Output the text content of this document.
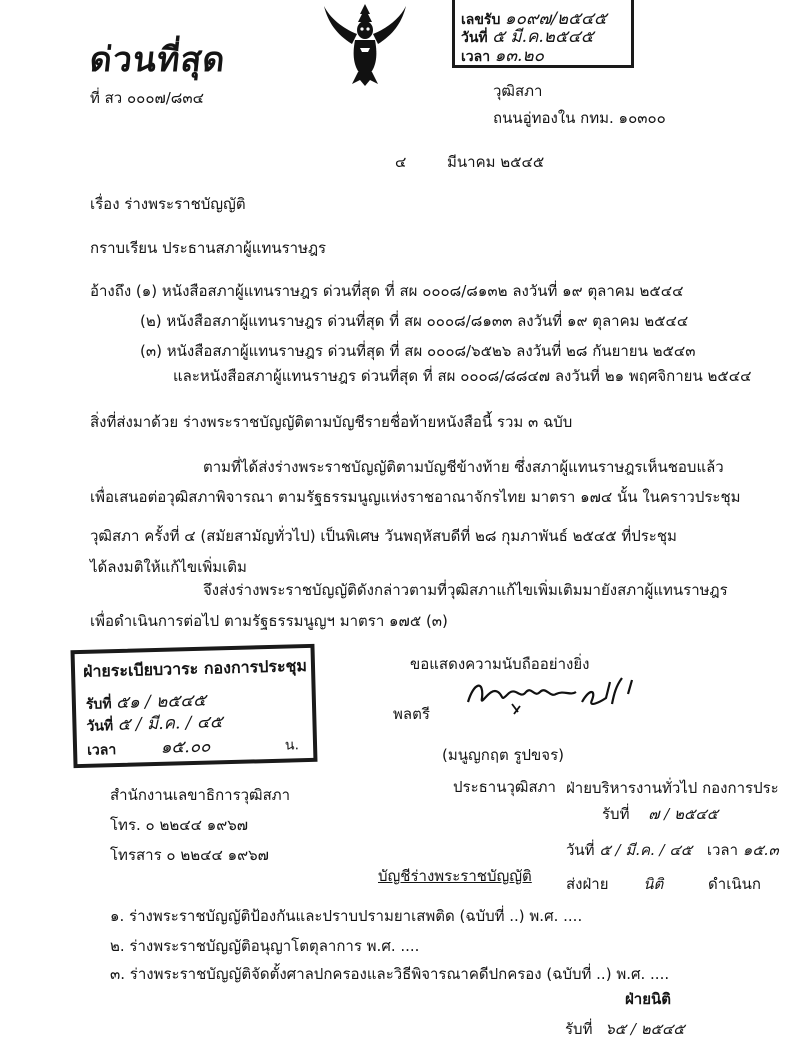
เลขรับ ๑๐๙๗/๒๕๔๕
วันที่ ๕ มี.ค.๒๕๔๕
เวลา ๑๓.๒๐
ด่วนที่สุด
ที่ สว ๐๐๐๗/๘๓๔	วุฒิสภา
ถนนอู่ทองใน กทม. ๑๐๓๐๐
๔	มีนาคม ๒๕๔๕
เรื่อง ร่างพระราชบัญญัติ
กราบเรียน ประธานสภาผู้แทนราษฎร
อ้างถึง (๑) หนังสือสภาผู้แทนราษฎร ด่วนที่สุด ที่ สผ ๐๐๐๘/๘๑๓๒ ลงวันที่ ๑๙ ตุลาคม ๒๕๔๔
(๒) หนังสือสภาผู้แทนราษฎร ด่วนที่สุด ที่ สผ ๐๐๐๘/๘๑๓๓ ลงวันที่ ๑๙ ตุลาคม ๒๕๔๔
(๓) หนังสือสภาผู้แทนราษฎร ด่วนที่สุด ที่ สผ ๐๐๐๘/๖๕๒๖ ลงวันที่ ๒๘ กันยายน ๒๕๔๓
และหนังสือสภาผู้แทนราษฎร ด่วนที่สุด ที่ สผ ๐๐๐๘/๘๘๔๗ ลงวันที่ ๒๑ พฤศจิกายน ๒๕๔๔
สิ่งที่ส่งมาด้วย ร่างพระราชบัญญัติตามบัญชีรายชื่อท้ายหนังสือนี้ รวม ๓ ฉบับ
ตามที่ได้ส่งร่างพระราชบัญญัติตามบัญชีข้างท้าย ซึ่งสภาผู้แทนราษฎรเห็นชอบแล้ว
เพื่อเสนอต่อวุฒิสภาพิจารณา ตามรัฐธรรมนูญแห่งราชอาณาจักรไทย มาตรา ๑๗๔ นั้น ในคราวประชุม
วุฒิสภา ครั้งที่ ๔ (สมัยสามัญทั่วไป) เป็นพิเศษ วันพฤหัสบดีที่ ๒๘ กุมภาพันธ์ ๒๕๔๕ ที่ประชุม
ได้ลงมติให้แก้ไขเพิ่มเติม
จึงส่งร่างพระราชบัญญัติดังกล่าวตามที่วุฒิสภาแก้ไขเพิ่มเติมมายังสภาผู้แทนราษฎร
เพื่อดำเนินการต่อไป ตามรัฐธรรมนูญฯ มาตรา ๑๗๕ (๓)
ฝ่ายระเบียบวาระ กองการประชุม
รับที่ ๕๑ / ๒๕๔๕
วันที่ ๕ / มี.ค. / ๔๕
เวลา	๑๕.๐๐	น.
ขอแสดงความนับถืออย่างยิ่ง
พลตรี
(มนูญกฤต รูปขจร)
ประธานวุฒิสภา
สำนักงานเลขาธิการวุฒิสภา
โทร. ๐ ๒๒๔๔ ๑๙๖๗
โทรสาร ๐ ๒๒๔๔ ๑๙๖๗
ฝ่ายบริหารงานทั่วไป กองการประ
รับที่ ๗ / ๒๕๔๕
วันที่ ๕ / มี.ค. / ๔๕ เวลา ๑๕.๓
ส่งฝ่าย นิติ	ดำเนินก
บัญชีร่างพระราชบัญญัติ
๑. ร่างพระราชบัญญัติป้องกันและปราบปรามยาเสพติด (ฉบับที่ ..) พ.ศ. ....
๒. ร่างพระราชบัญญัติอนุญาโตตุลาการ พ.ศ. ....
๓. ร่างพระราชบัญญัติจัดตั้งศาลปกครองและวิธีพิจารณาคดีปกครอง (ฉบับที่ ..) พ.ศ. ....
ฝ่ายนิติ
รับที่ ๖๕ / ๒๕๔๕
